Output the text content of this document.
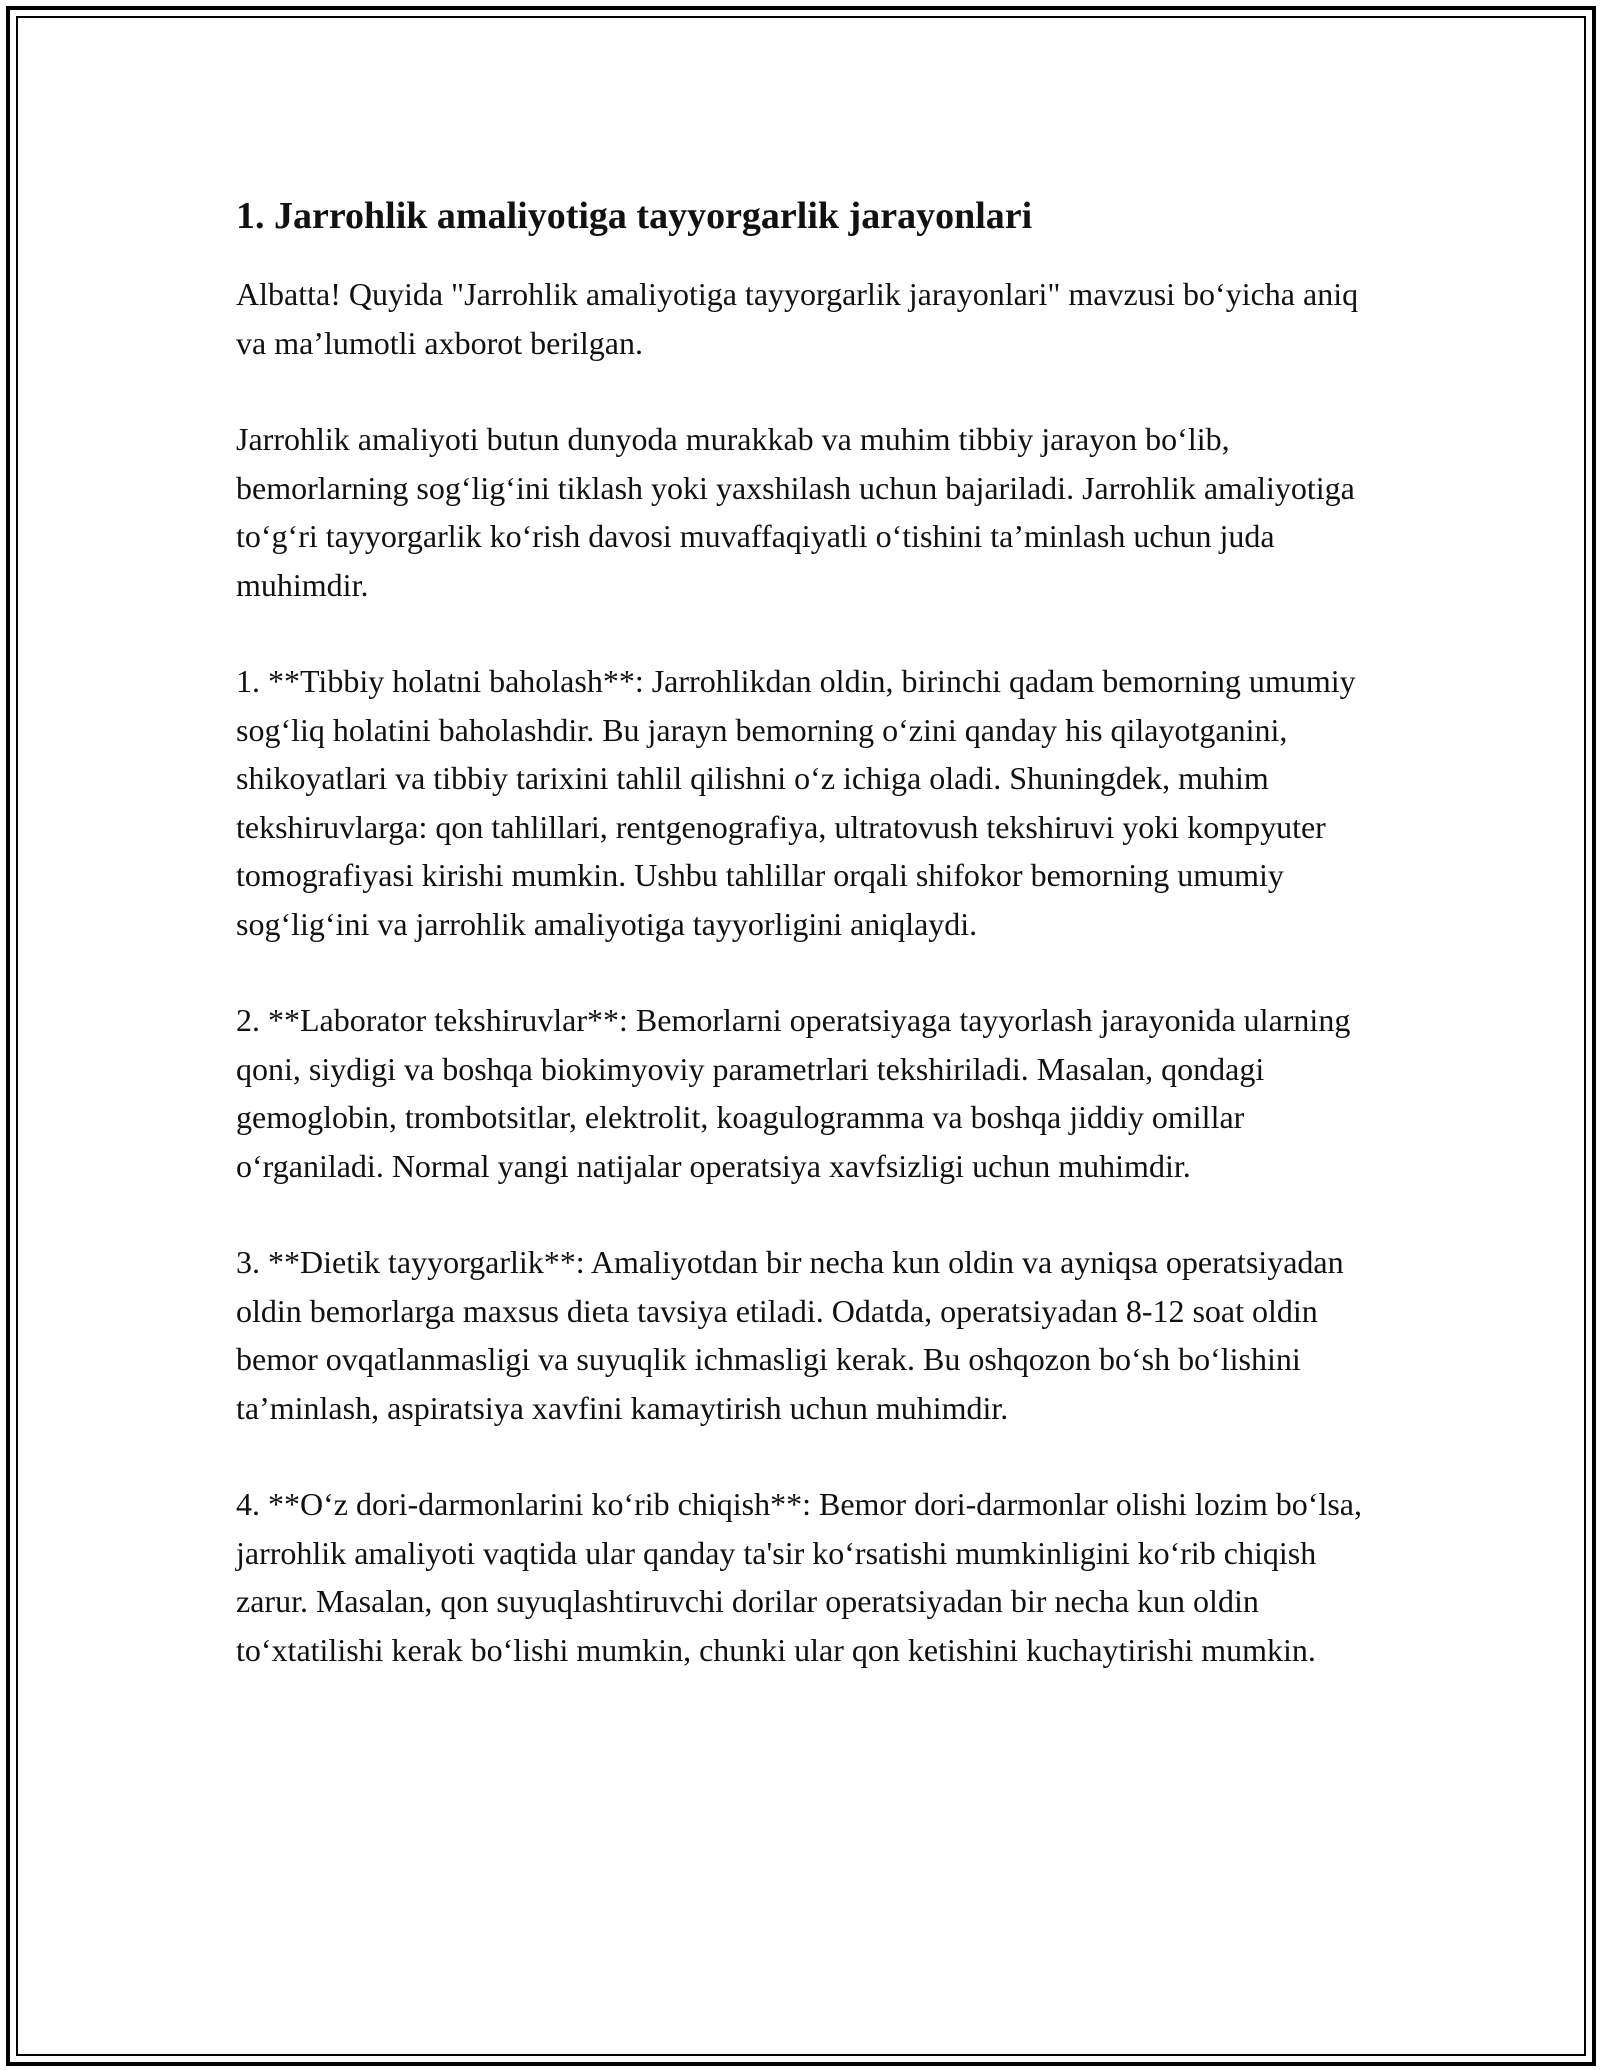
1. Jarrohlik amaliyotiga tayyorgarlik jarayonlari

Albatta! Quyida "Jarrohlik amaliyotiga tayyorgarlik jarayonlari" mavzusi bo‘yicha aniq va ma’lumotli axborot berilgan.

Jarrohlik amaliyoti butun dunyoda murakkab va muhim tibbiy jarayon bo‘lib, bemorlarning sog‘lig‘ini tiklash yoki yaxshilash uchun bajariladi. Jarrohlik amaliyotiga to‘g‘ri tayyorgarlik ko‘rish davosi muvaffaqiyatli o‘tishini ta’minlash uchun juda muhimdir.

1. **Tibbiy holatni baholash**: Jarrohlikdan oldin, birinchi qadam bemorning umumiy sog‘liq holatini baholashdir. Bu jarayn bemorning o‘zini qanday his qilayotganini, shikoyatlari va tibbiy tarixini tahlil qilishni o‘z ichiga oladi. Shuningdek, muhim tekshiruvlarga: qon tahlillari, rentgenografiya, ultratovush tekshiruvi yoki kompyuter tomografiyasi kirishi mumkin. Ushbu tahlillar orqali shifokor bemorning umumiy sog‘lig‘ini va jarrohlik amaliyotiga tayyorligini aniqlaydi.

2. **Laborator tekshiruvlar**: Bemorlarni operatsiyaga tayyorlash jarayonida ularning qoni, siydigi va boshqa biokimyoviy parametrlari tekshiriladi. Masalan, qondagi gemoglobin, trombotsitlar, elektrolit, koagulogramma va boshqa jiddiy omillar o‘rganiladi. Normal yangi natijalar operatsiya xavfsizligi uchun muhimdir.

3. **Dietik tayyorgarlik**: Amaliyotdan bir necha kun oldin va ayniqsa operatsiyadan oldin bemorlarga maxsus dieta tavsiya etiladi. Odatda, operatsiyadan 8-12 soat oldin bemor ovqatlanmasligi va suyuqlik ichmasligi kerak. Bu oshqozon bo‘sh bo‘lishini ta’minlash, aspiratsiya xavfini kamaytirish uchun muhimdir.

4. **O‘z dori-darmonlarini ko‘rib chiqish**: Bemor dori-darmonlar olishi lozim bo‘lsa, jarrohlik amaliyoti vaqtida ular qanday ta'sir ko‘rsatishi mumkinligini ko‘rib chiqish zarur. Masalan, qon suyuqlashtiruvchi dorilar operatsiyadan bir necha kun oldin to‘xtatilishi kerak bo‘lishi mumkin, chunki ular qon ketishini kuchaytirishi mumkin.
